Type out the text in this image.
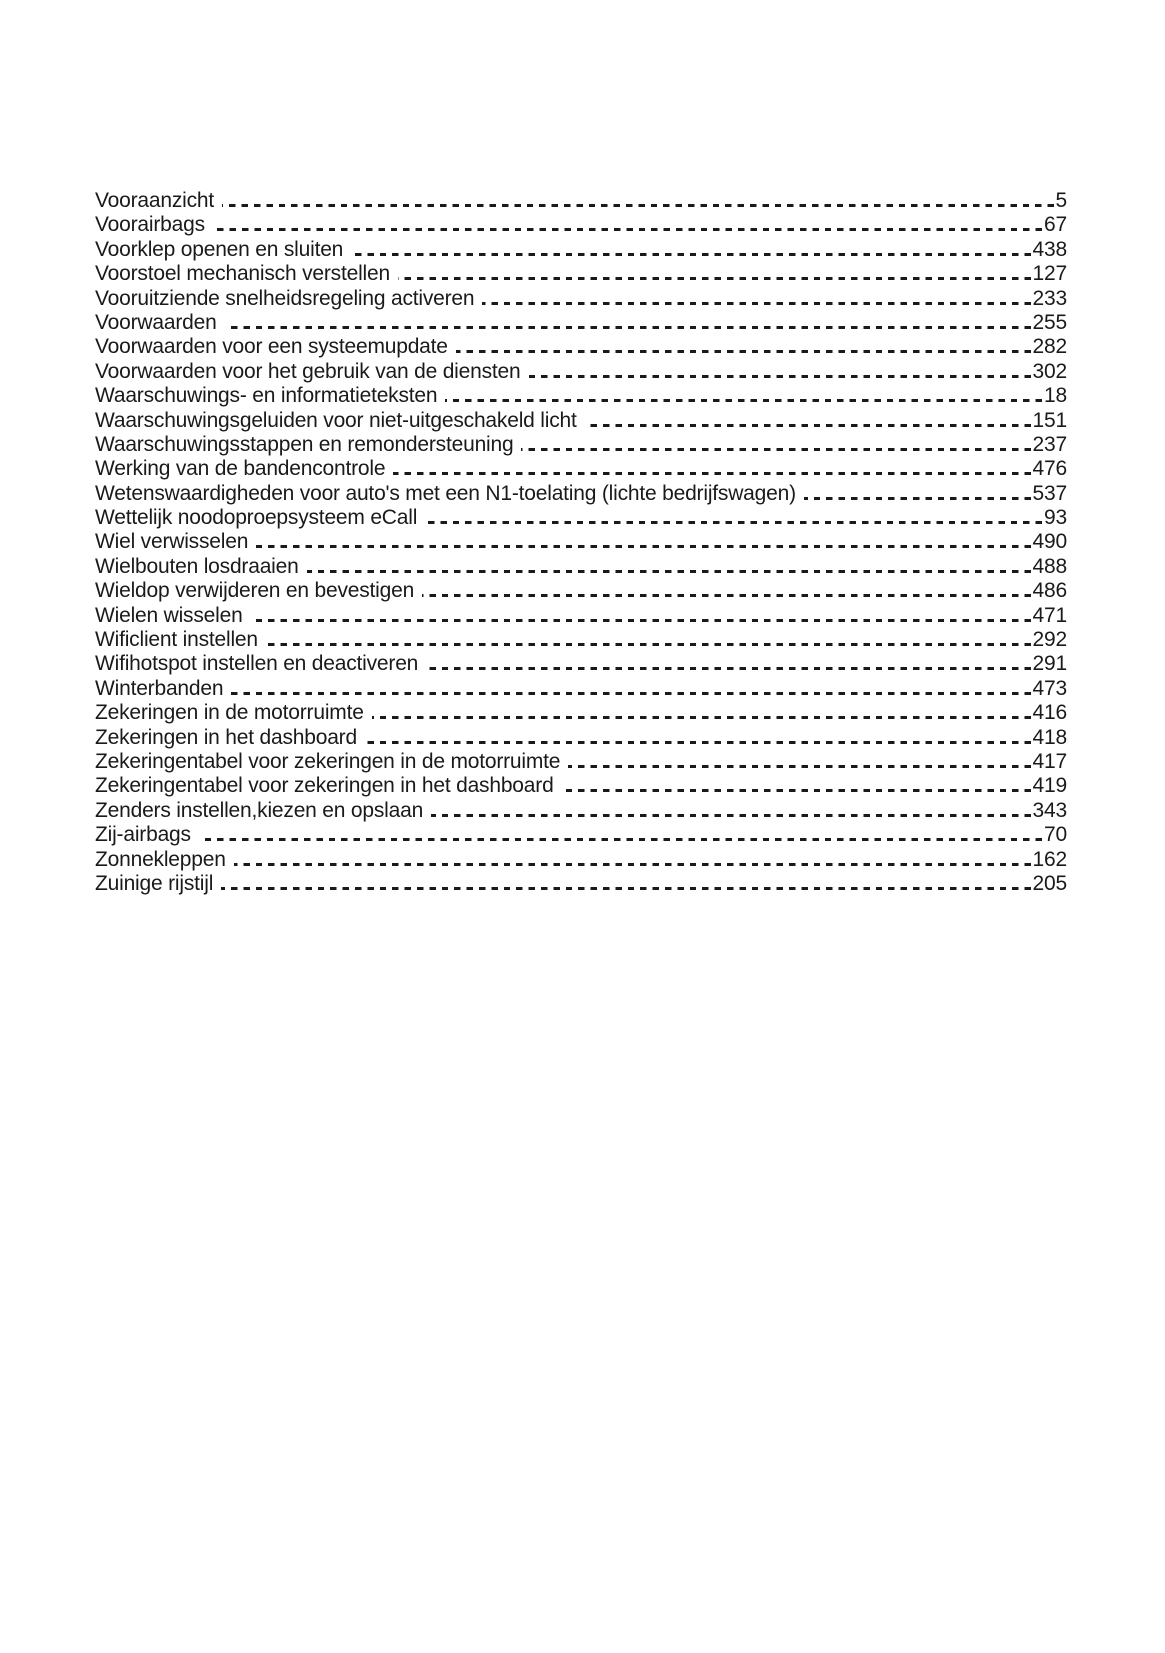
Vooraanzicht	5
Voorairbags	67
Voorklep openen en sluiten	438
Voorstoel mechanisch verstellen	127
Vooruitziende snelheidsregeling activeren	233
Voorwaarden	255
Voorwaarden voor een systeemupdate	282
Voorwaarden voor het gebruik van de diensten	302
Waarschuwings- en informatieteksten	18
Waarschuwingsgeluiden voor niet-uitgeschakeld licht	151
Waarschuwingsstappen en remondersteuning	237
Werking van de bandencontrole	476
Wetenswaardigheden voor auto's met een N1-toelating (lichte bedrijfswagen)	537
Wettelijk noodoproepsysteem eCall	93
Wiel verwisselen	490
Wielbouten losdraaien	488
Wieldop verwijderen en bevestigen	486
Wielen wisselen	471
Wificlient instellen	292
Wifihotspot instellen en deactiveren	291
Winterbanden	473
Zekeringen in de motorruimte	416
Zekeringen in het dashboard	418
Zekeringentabel voor zekeringen in de motorruimte	417
Zekeringentabel voor zekeringen in het dashboard	419
Zenders instellen,kiezen en opslaan	343
Zij-airbags	70
Zonnekleppen	162
Zuinige rijstijl	205
